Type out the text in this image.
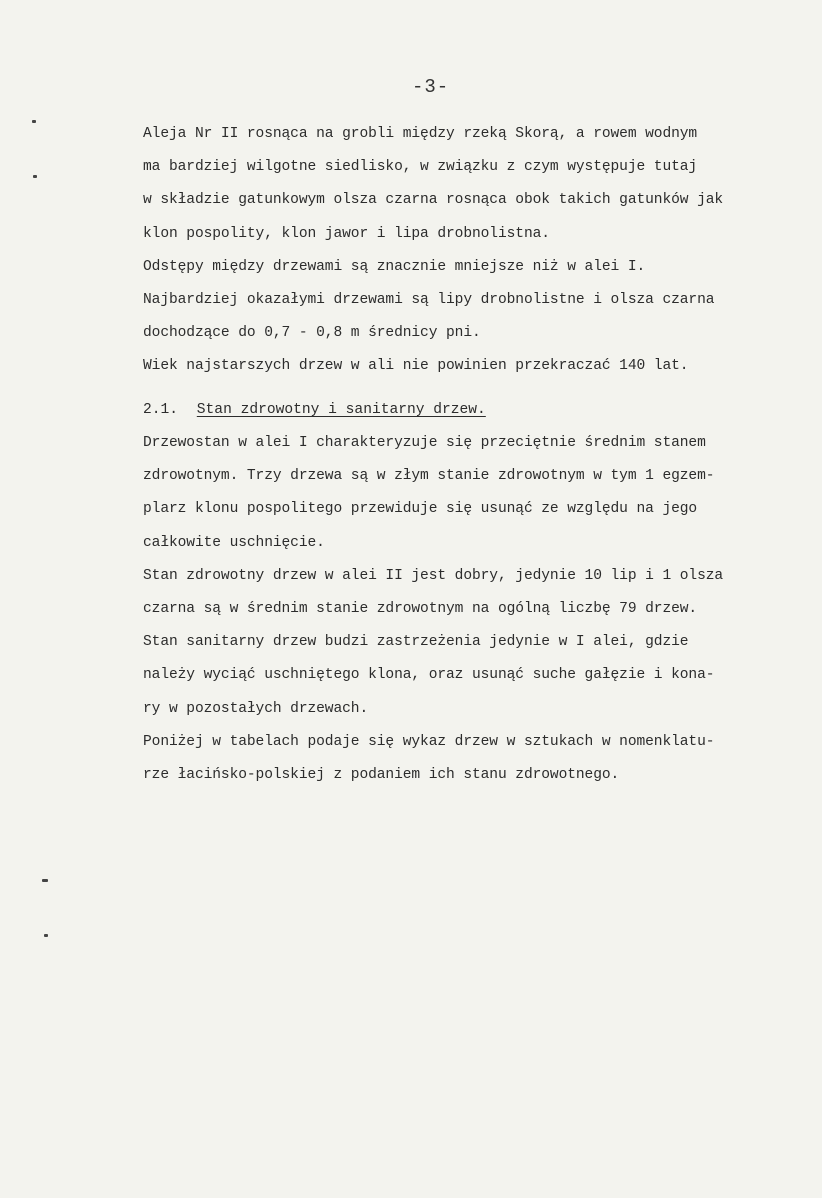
-3-
Aleja Nr II rosnąca na grobli między rzeką Skorą, a rowem wodnym
ma bardziej wilgotne siedlisko, w związku z czym występuje tutaj
w składzie gatunkowym olsza czarna rosnąca obok takich gatunków jak
klon pospolity, klon jawor i lipa drobnolistna.
Odstępy między drzewami są znacznie mniejsze niż w alei I.
Najbardziej okazałymi drzewami są lipy drobnolistne i olsza czarna
dochodzące do 0,7 - 0,8 m średnicy pni.
Wiek najstarszych drzew w ali nie powinien przekraczać 140 lat.
2.1. Stan zdrowotny i sanitarny drzew.
Drzewostan w alei I charakteryzuje się przeciętnie średnim stanem
zdrowotnym. Trzy drzewa są w złym stanie zdrowotnym w tym 1 egzem-
plarz klonu pospolitego przewiduje się usunąć ze względu na jego
całkowite uschnięcie.
Stan zdrowotny drzew w alei II jest dobry, jedynie 10 lip i 1 olsza
czarna są w średnim stanie zdrowotnym na ogólną liczbę 79 drzew.
Stan sanitarny drzew budzi zastrzeżenia jedynie w I alei, gdzie
należy wyciąć uschniętego klona, oraz usunąć suche gałęzie i kona-
ry w pozostałych drzewach.
Poniżej w tabelach podaje się wykaz drzew w sztukach w nomenklatu-
rze łacińsko-polskiej z podaniem ich stanu zdrowotnego.
